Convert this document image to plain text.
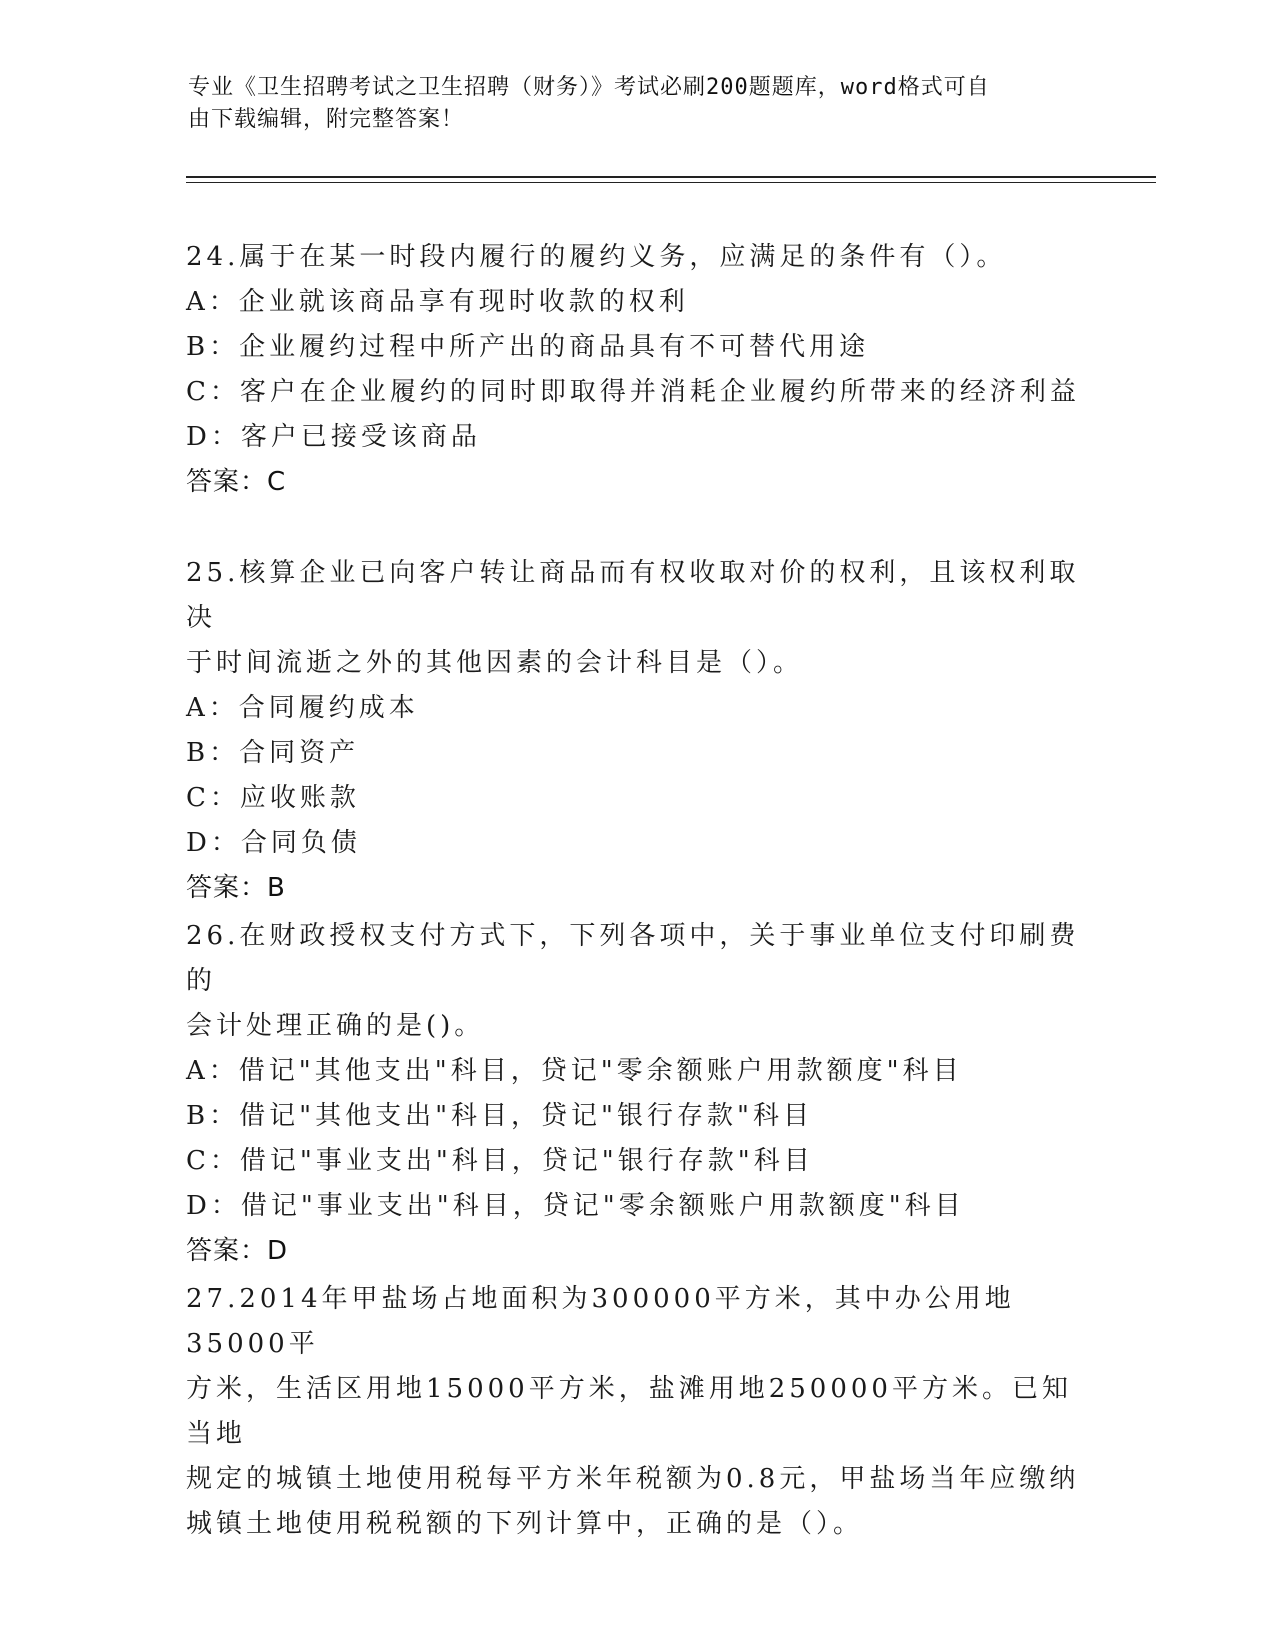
专业《卫生招聘考试之卫生招聘（财务）》考试必刷200题题库，word格式可自
由下载编辑，附完整答案！

24.属于在某一时段内履行的履约义务，应满足的条件有（）。

A：企业就该商品享有现时收款的权利

B：企业履约过程中所产出的商品具有不可替代用途

C：客户在企业履约的同时即取得并消耗企业履约所带来的经济利益

D：客户已接受该商品

答案：C

25.核算企业已向客户转让商品而有权收取对价的权利，且该权利取决

于时间流逝之外的其他因素的会计科目是（）。

A：合同履约成本

B：合同资产

C：应收账款

D：合同负债

答案：B

26.在财政授权支付方式下，下列各项中，关于事业单位支付印刷费的

会计处理正确的是()。

A：借记"其他支出"科目，贷记"零余额账户用款额度"科目

B：借记"其他支出"科目，贷记"银行存款"科目

C：借记"事业支出"科目，贷记"银行存款"科目

D：借记"事业支出"科目，贷记"零余额账户用款额度"科目

答案：D

27.2014年甲盐场占地面积为300000平方米，其中办公用地35000平

方米，生活区用地15000平方米，盐滩用地250000平方米。已知当地

规定的城镇土地使用税每平方米年税额为0.8元，甲盐场当年应缴纳

城镇土地使用税税额的下列计算中，正确的是（）。
